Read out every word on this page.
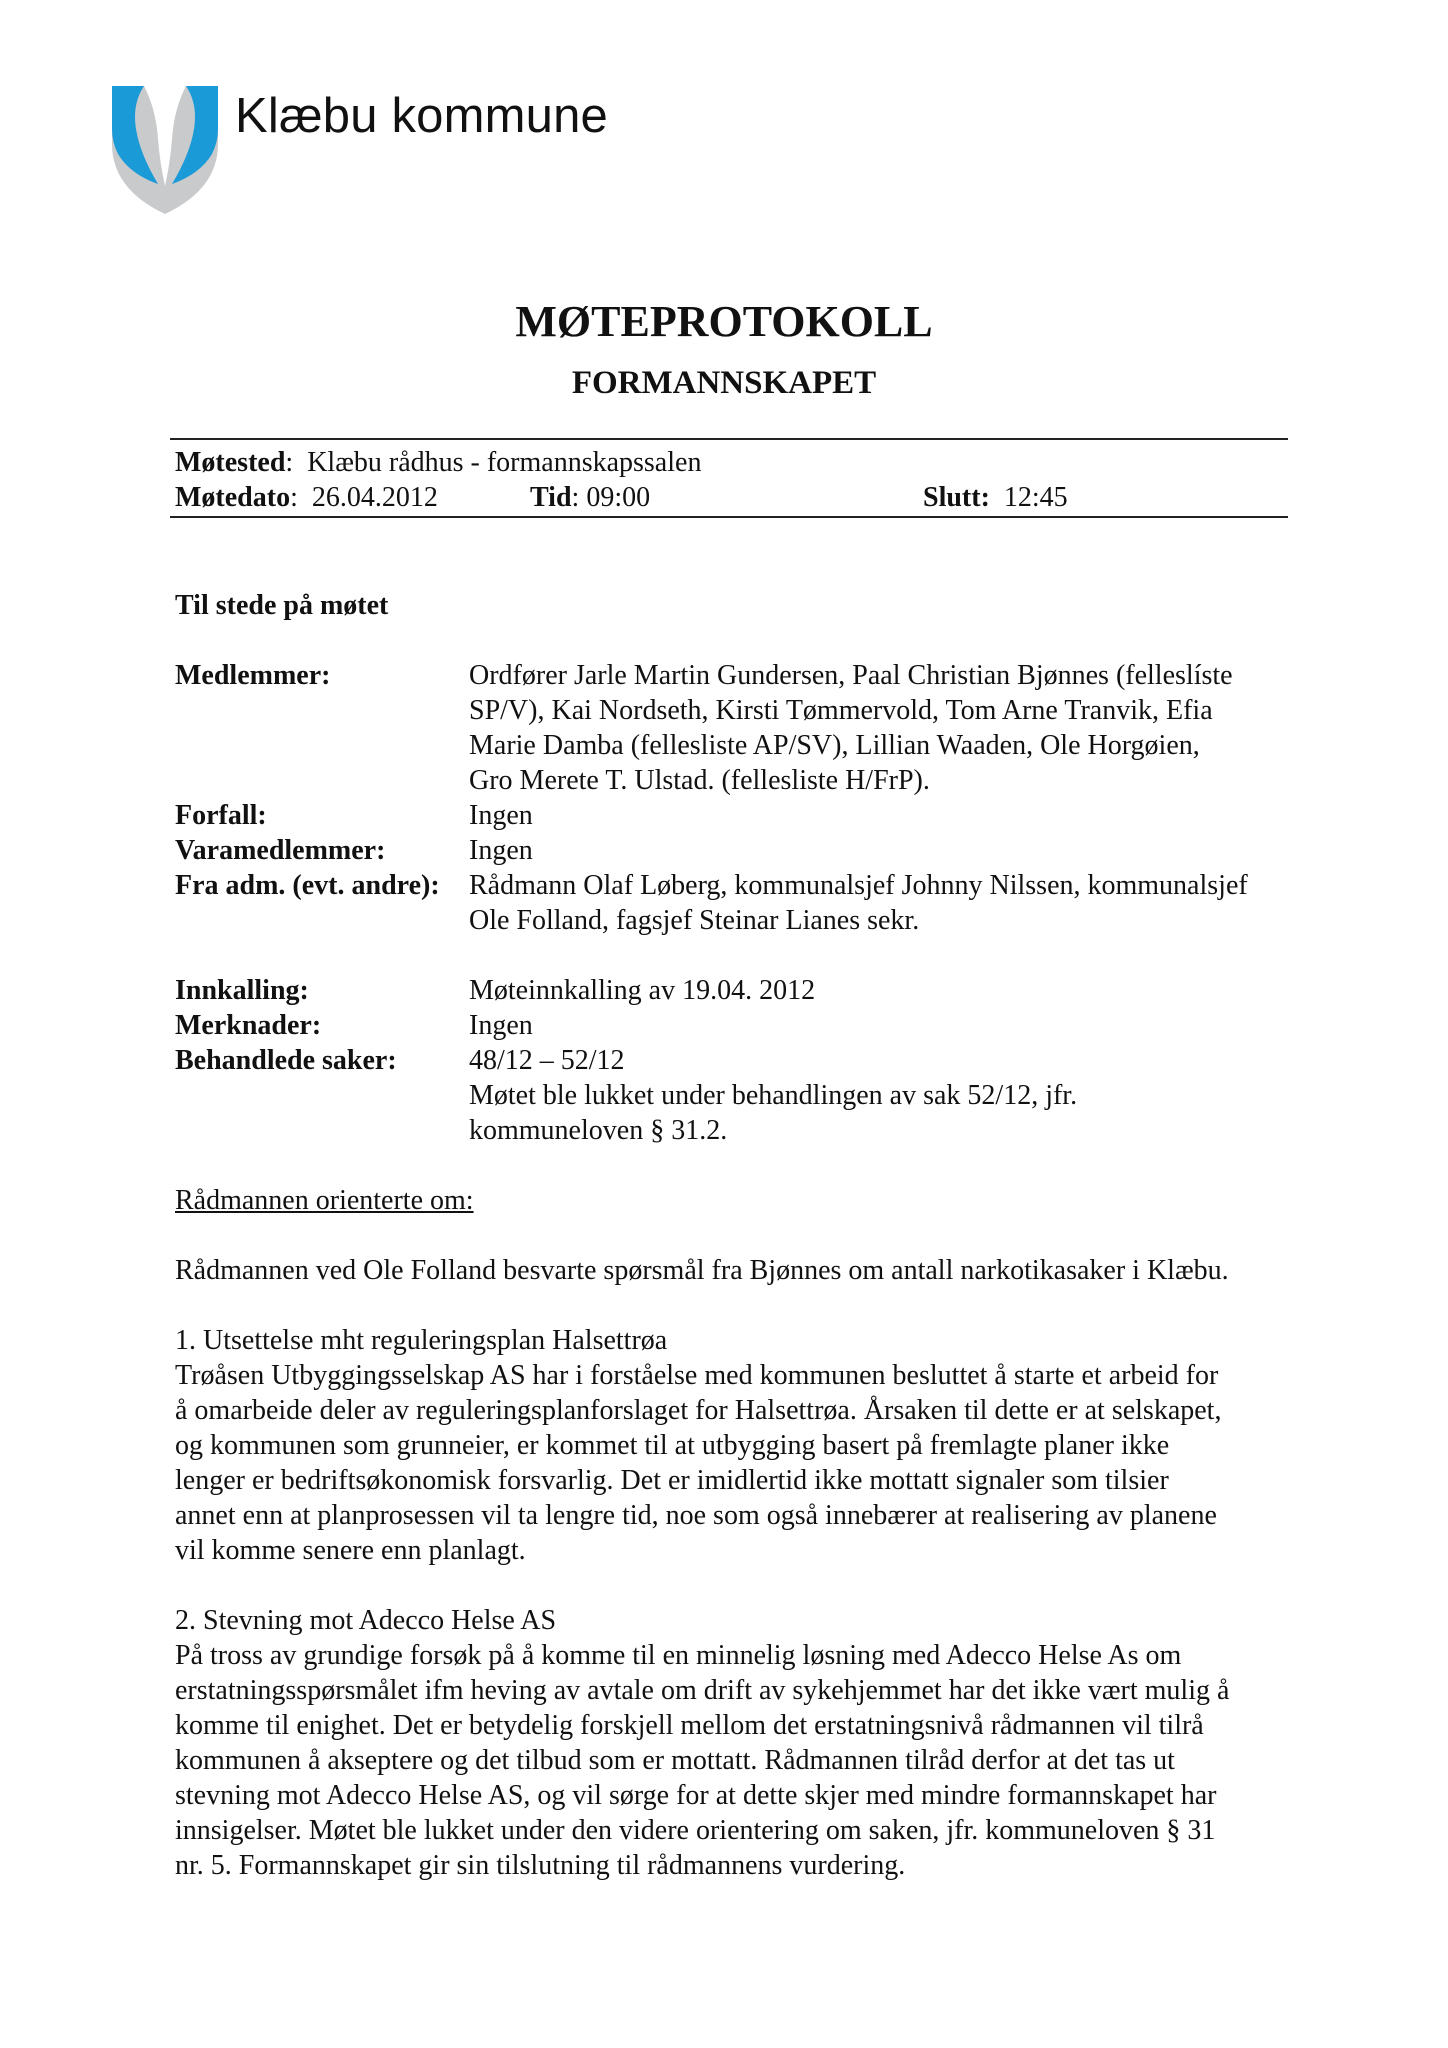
Klæbu kommune
MØTEPROTOKOLL
FORMANNSKAPET
Møtested:  Klæbu rådhus - formannskapssalen
Møtedato:  26.04.2012	Tid: 09:00	Slutt: 12:45
Til stede på møtet
Medlemmer:	Ordfører Jarle Martin Gundersen, Paal Christian Bjønnes (felleslíste
SP/V), Kai Nordseth, Kirsti Tømmervold, Tom Arne Tranvik, Efia
Marie Damba (fellesliste AP/SV), Lillian Waaden, Ole Horgøien,
Gro Merete T. Ulstad. (fellesliste H/FrP).
Forfall:	Ingen
Varamedlemmer:	Ingen
Fra adm. (evt. andre): Rådmann Olaf Løberg, kommunalsjef Johnny Nilssen, kommunalsjef
Ole Folland, fagsjef Steinar Lianes sekr.
Innkalling:	Møteinnkalling av 19.04. 2012
Merknader:	Ingen
Behandlede saker:	48/12 – 52/12
Møtet ble lukket under behandlingen av sak 52/12, jfr.
kommuneloven § 31.2.
Rådmannen orienterte om:
Rådmannen ved Ole Folland besvarte spørsmål fra Bjønnes om antall narkotikasaker i Klæbu.
1. Utsettelse mht reguleringsplan Halsettrøa
Trøåsen Utbyggingsselskap AS har i forståelse med kommunen besluttet å starte et arbeid for
å omarbeide deler av reguleringsplanforslaget for Halsettrøa. Årsaken til dette er at selskapet,
og kommunen som grunneier, er kommet til at utbygging basert på fremlagte planer ikke
lenger er bedriftsøkonomisk forsvarlig. Det er imidlertid ikke mottatt signaler som tilsier
annet enn at planprosessen vil ta lengre tid, noe som også innebærer at realisering av planene
vil komme senere enn planlagt.
2. Stevning mot Adecco Helse AS
På tross av grundige forsøk på å komme til en minnelig løsning med Adecco Helse As om
erstatningsspørsmålet ifm heving av avtale om drift av sykehjemmet har det ikke vært mulig å
komme til enighet. Det er betydelig forskjell mellom det erstatningsnivå rådmannen vil tilrå
kommunen å akseptere og det tilbud som er mottatt. Rådmannen tilråd derfor at det tas ut
stevning mot Adecco Helse AS, og vil sørge for at dette skjer med mindre formannskapet har
innsigelser. Møtet ble lukket under den videre orientering om saken, jfr. kommuneloven § 31
nr. 5. Formannskapet gir sin tilslutning til rådmannens vurdering.
